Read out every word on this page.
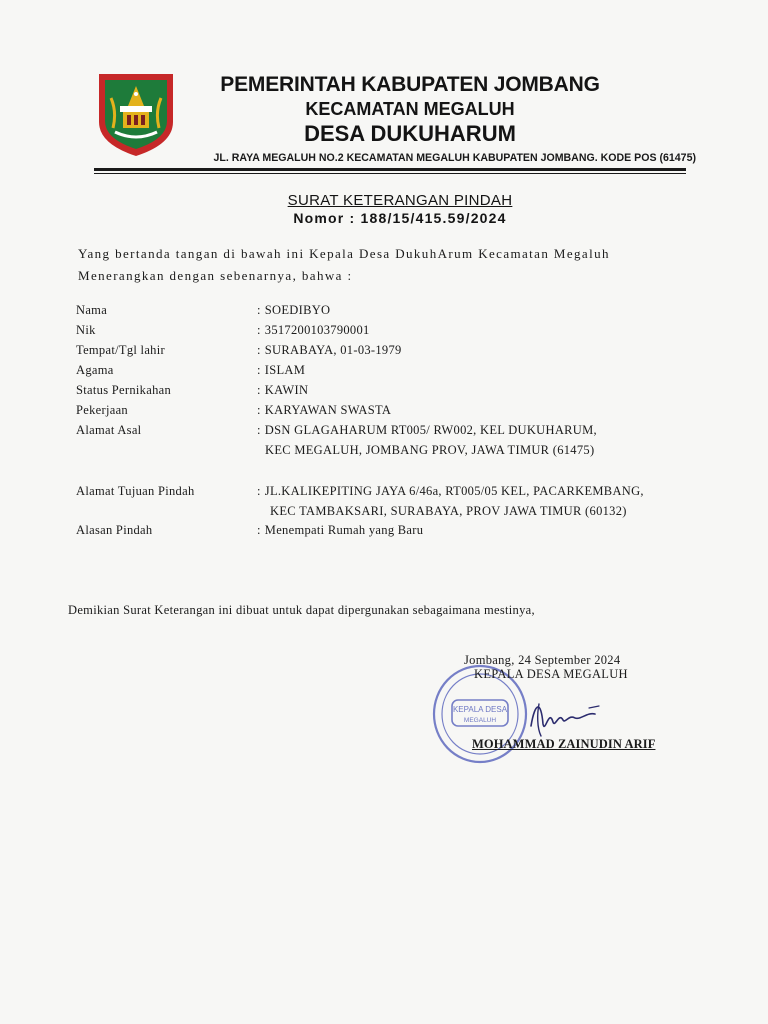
PEMERINTAH KABUPATEN JOMBANG
KECAMATAN MEGALUH
DESA DUKUHARUM
JL. RAYA MEGALUH NO.2 KECAMATAN MEGALUH KABUPATEN JOMBANG. KODE POS (61475)
SURAT KETERANGAN PINDAH
Nomor : 188/15/415.59/2024
Yang bertanda tangan di bawah ini Kepala Desa DukuhArum Kecamatan Megaluh
Menerangkan dengan sebenarnya, bahwa :
Nama	: SOEDIBYO
Nik	: 3517200103790001
Tempat/Tgl lahir	: SURABAYA, 01-03-1979
Agama	: ISLAM
Status Pernikahan	: KAWIN
Pekerjaan	: KARYAWAN SWASTA
Alamat Asal	: DSN GLAGAHARUM RT005/ RW002, KEL DUKUHARUM,
KEC MEGALUH, JOMBANG PROV, JAWA TIMUR (61475)
Alamat Tujuan Pindah	: JL.KALIKEPITING JAYA 6/46a, RT005/05 KEL, PACARKEMBANG,
KEC TAMBAKSARI, SURABAYA, PROV JAWA TIMUR (60132)
Alasan Pindah	: Menempati Rumah yang Baru
Demikian Surat Keterangan ini dibuat untuk dapat dipergunakan sebagaimana mestinya,
KEPALA DESA
MEGALUH
Jombang, 24 September 2024
KEPALA DESA MEGALUH
MOHAMMAD ZAINUDIN ARIF
